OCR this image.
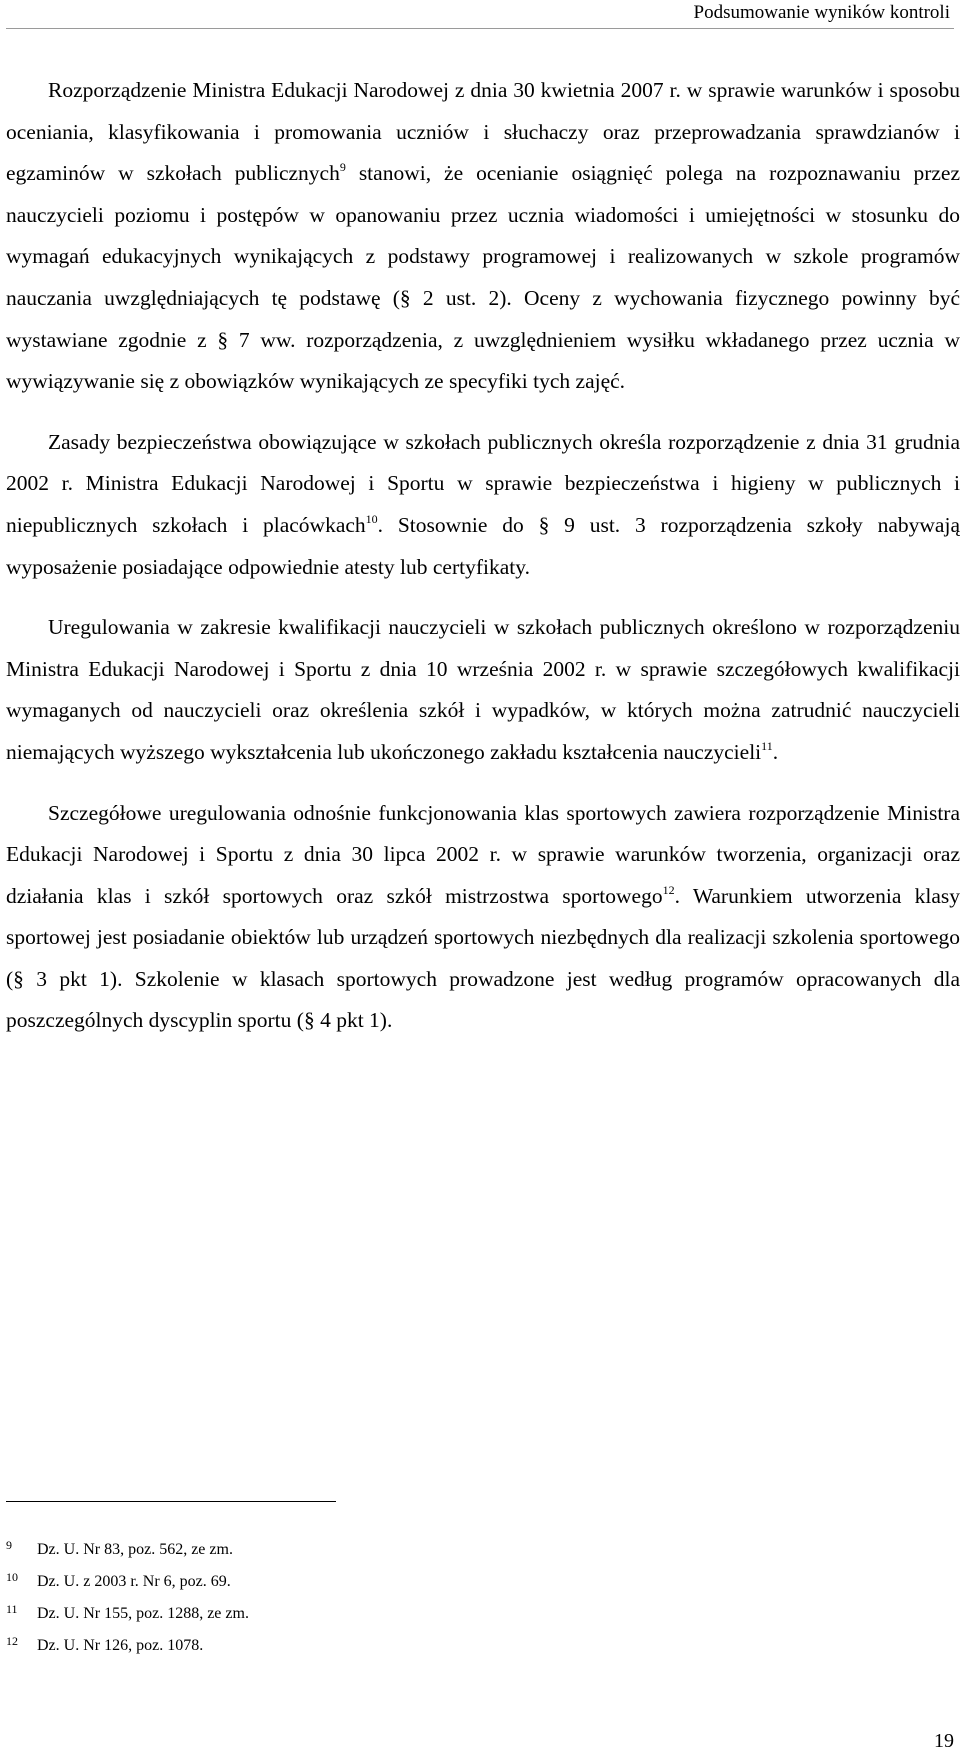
Podsumowanie wyników kontroli

Rozporządzenie Ministra Edukacji Narodowej z dnia 30 kwietnia 2007 r. w sprawie warunków i sposobu oceniania, klasyfikowania i promowania uczniów i słuchaczy oraz przeprowadzania sprawdzianów i egzaminów w szkołach publicznych$^9$ stanowi, że ocenianie osiągnięć polega na rozpoznawaniu przez nauczycieli poziomu i postępów w opanowaniu przez ucznia wiadomości i umiejętności w stosunku do wymagań edukacyjnych wynikających z podstawy programowej i realizowanych w szkole programów nauczania uwzględniających tę podstawę (§ 2 ust. 2). Oceny z wychowania fizycznego powinny być wystawiane zgodnie z § 7 ww. rozporządzenia, z uwzględnieniem wysiłku wkładanego przez ucznia w wywiązywanie się z obowiązków wynikających ze specyfiki tych zajęć.

Zasady bezpieczeństwa obowiązujące w szkołach publicznych określa rozporządzenie z dnia 31 grudnia 2002 r. Ministra Edukacji Narodowej i Sportu w sprawie bezpieczeństwa i higieny w publicznych i niepublicznych szkołach i placówkach$^{10}$. Stosownie do § 9 ust. 3 rozporządzenia szkoły nabywają wyposażenie posiadające odpowiednie atesty lub certyfikaty.

Uregulowania w zakresie kwalifikacji nauczycieli w szkołach publicznych określono w rozporządzeniu Ministra Edukacji Narodowej i Sportu z dnia 10 września 2002 r. w sprawie szczegółowych kwalifikacji wymaganych od nauczycieli oraz określenia szkół i wypadków, w których można zatrudnić nauczycieli niemających wyższego wykształcenia lub ukończonego zakładu kształcenia nauczycieli$^{11}$.

Szczegółowe uregulowania odnośnie funkcjonowania klas sportowych zawiera rozporządzenie Ministra Edukacji Narodowej i Sportu z dnia 30 lipca 2002 r. w sprawie warunków tworzenia, organizacji oraz działania klas i szkół sportowych oraz szkół mistrzostwa sportowego$^{12}$. Warunkiem utworzenia klasy sportowej jest posiadanie obiektów lub urządzeń sportowych niezbędnych dla realizacji szkolenia sportowego (§ 3 pkt 1). Szkolenie w klasach sportowych prowadzone jest według programów opracowanych dla poszczególnych dyscyplin sportu (§ 4 pkt 1).

9	Dz. U. Nr 83, poz. 562, ze zm.
10	Dz. U. z 2003 r. Nr 6, poz. 69.
11	Dz. U. Nr 155, poz. 1288, ze zm.
12	Dz. U. Nr 126, poz. 1078.
19
